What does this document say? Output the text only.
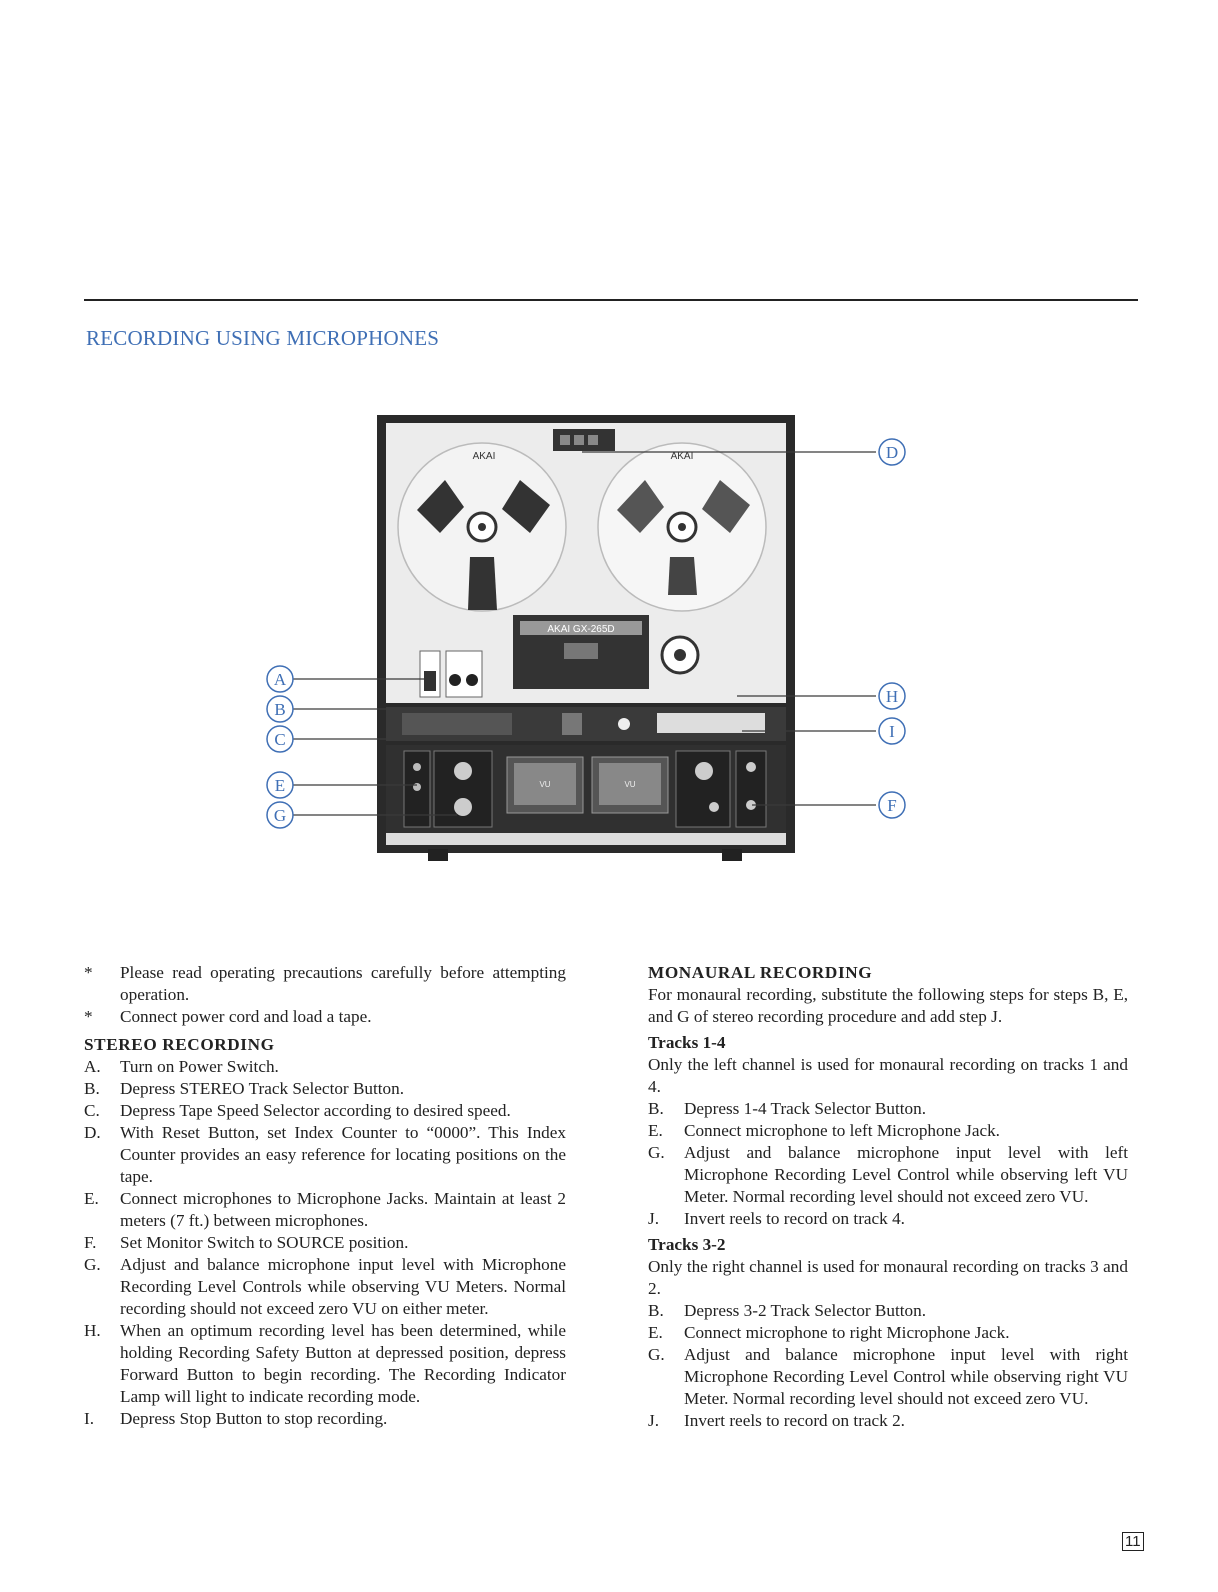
RECORDING USING MICROPHONES
AKAI	AKAI
AKAI GX-265D
VU	VU
A
B
C
D
E
F
G
H
I
*	Please read operating precautions carefully before attempting operation.
*	Connect power cord and load a tape.
STEREO RECORDING
A.	Turn on Power Switch.
B.	Depress STEREO Track Selector Button.
C.	Depress Tape Speed Selector according to desired speed.
D.	With Reset Button, set Index Counter to “0000”. This Index Counter provides an easy reference for locating positions on the tape.
E.	Connect microphones to Microphone Jacks. Maintain at least 2 meters (7 ft.) between microphones.
F.	Set Monitor Switch to SOURCE position.
G.	Adjust and balance microphone input level with Microphone Recording Level Controls while observing VU Meters. Normal recording should not exceed zero VU on either meter.
H.	When an optimum recording level has been determined, while holding Recording Safety Button at depressed position, depress Forward Button to begin recording. The Recording Indicator Lamp will light to indicate recording mode.
I.	Depress Stop Button to stop recording.
MONAURAL RECORDING
For monaural recording, substitute the following steps for steps B, E, and G of stereo recording procedure and add step J.
Tracks 1-4
Only the left channel is used for monaural recording on tracks 1 and 4.
B.	Depress 1-4 Track Selector Button.
E.	Connect microphone to left Microphone Jack.
G.	Adjust and balance microphone input level with left Microphone Recording Level Control while observing left VU Meter. Normal recording level should not exceed zero VU.
J.	Invert reels to record on track 4.
Tracks 3-2
Only the right channel is used for monaural recording on tracks 3 and 2.
B.	Depress 3-2 Track Selector Button.
E.	Connect microphone to right Microphone Jack.
G.	Adjust and balance microphone input level with right Microphone Recording Level Control while observing right VU Meter. Normal recording level should not exceed zero VU.
J.	Invert reels to record on track 2.
11
